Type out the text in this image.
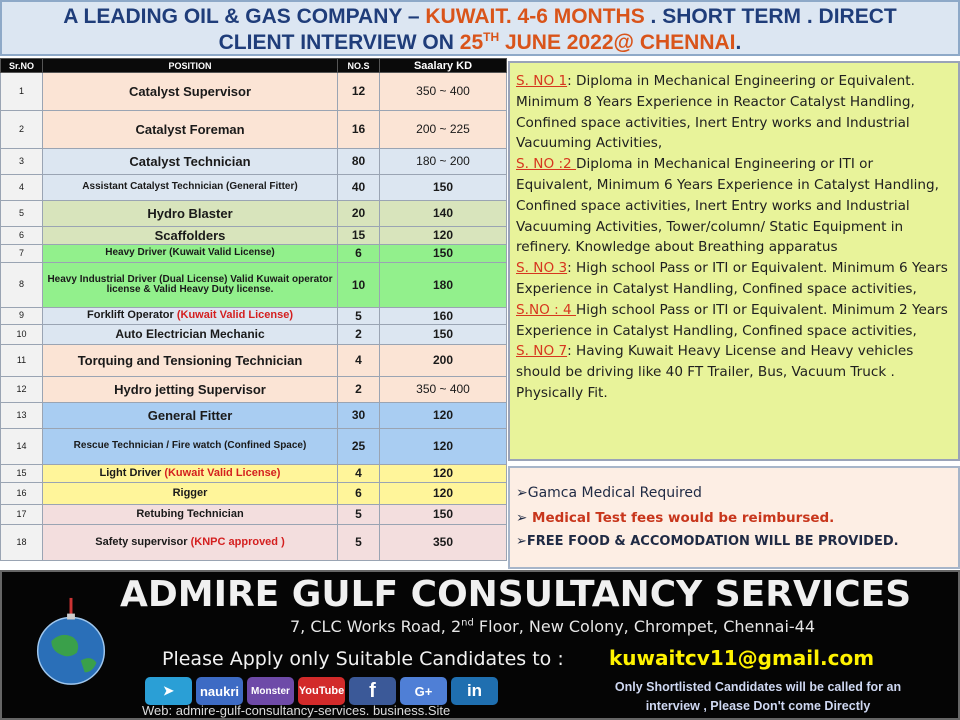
A LEADING OIL & GAS COMPANY – KUWAIT. 4-6 MONTHS . SHORT TERM . DIRECT
CLIENT INTERVIEW ON 25TH JUNE 2022@ CHENNAI.
Sr.NO	POSITION	NO.S	Saalary KD
1	Catalyst Supervisor	12	350 ~ 400
2	Catalyst Foreman	16	200 ~ 225
3	Catalyst Technician	80	180 ~ 200
4	Assistant Catalyst Technician (General Fitter)	40	150
5	Hydro Blaster	20	140
6	Scaffolders	15	120
7	Heavy Driver (Kuwait Valid License)	6	150
8	Heavy Industrial Driver (Dual License) Valid Kuwait operator license & Valid Heavy Duty license.	10	180
9	Forklift Operator (Kuwait Valid License)	5	160
10	Auto Electrician Mechanic	2	150
11	Torquing and Tensioning Technician	4	200
12	Hydro jetting Supervisor	2	350 ~ 400
13	General Fitter	30	120
14	Rescue Technician / Fire watch (Confined Space)	25	120
15	Light Driver (Kuwait Valid License)	4	120
16	Rigger	6	120
17	Retubing Technician	5	150
18	Safety supervisor (KNPC approved )	5	350
S. NO 1: Diploma in Mechanical Engineering or Equivalent. Minimum 8 Years Experience in Reactor Catalyst Handling, Confined space activities, Inert Entry works and Industrial Vacuuming Activities,
S. NO :2 Diploma in Mechanical Engineering or ITI or Equivalent, Minimum 6 Years Experience in Catalyst Handling, Confined space activities, Inert Entry works and Industrial Vacuuming Activities, Tower/column/ Static Equipment in refinery. Knowledge about Breathing apparatus
S. NO 3: High school Pass or ITI or Equivalent. Minimum 6 Years Experience in Catalyst Handling, Confined space activities,
S.NO : 4 High school Pass or ITI or Equivalent. Minimum 2 Years Experience in Catalyst Handling, Confined space activities,
S. NO 7: Having Kuwait Heavy License and Heavy vehicles should be driving like 40 FT Trailer, Bus, Vacuum Truck . Physically Fit.
➢Gamca Medical Required
➢ Medical Test fees would be reimbursed.
➢FREE FOOD & ACCOMODATION WILL BE PROVIDED.
ADMIRE GULF CONSULTANCY SERVICES
7, CLC Works Road, 2nd Floor, New Colony, Chrompet, Chennai-44
Please Apply only Suitable Candidates to : kuwaitcv11@gmail.com
➤	naukri	Monster YouTube	f	G+	in
Web: admire-gulf-consultancy-services. business.Site
Only Shortlisted Candidates will be called for an interview , Please Don't come Directly
